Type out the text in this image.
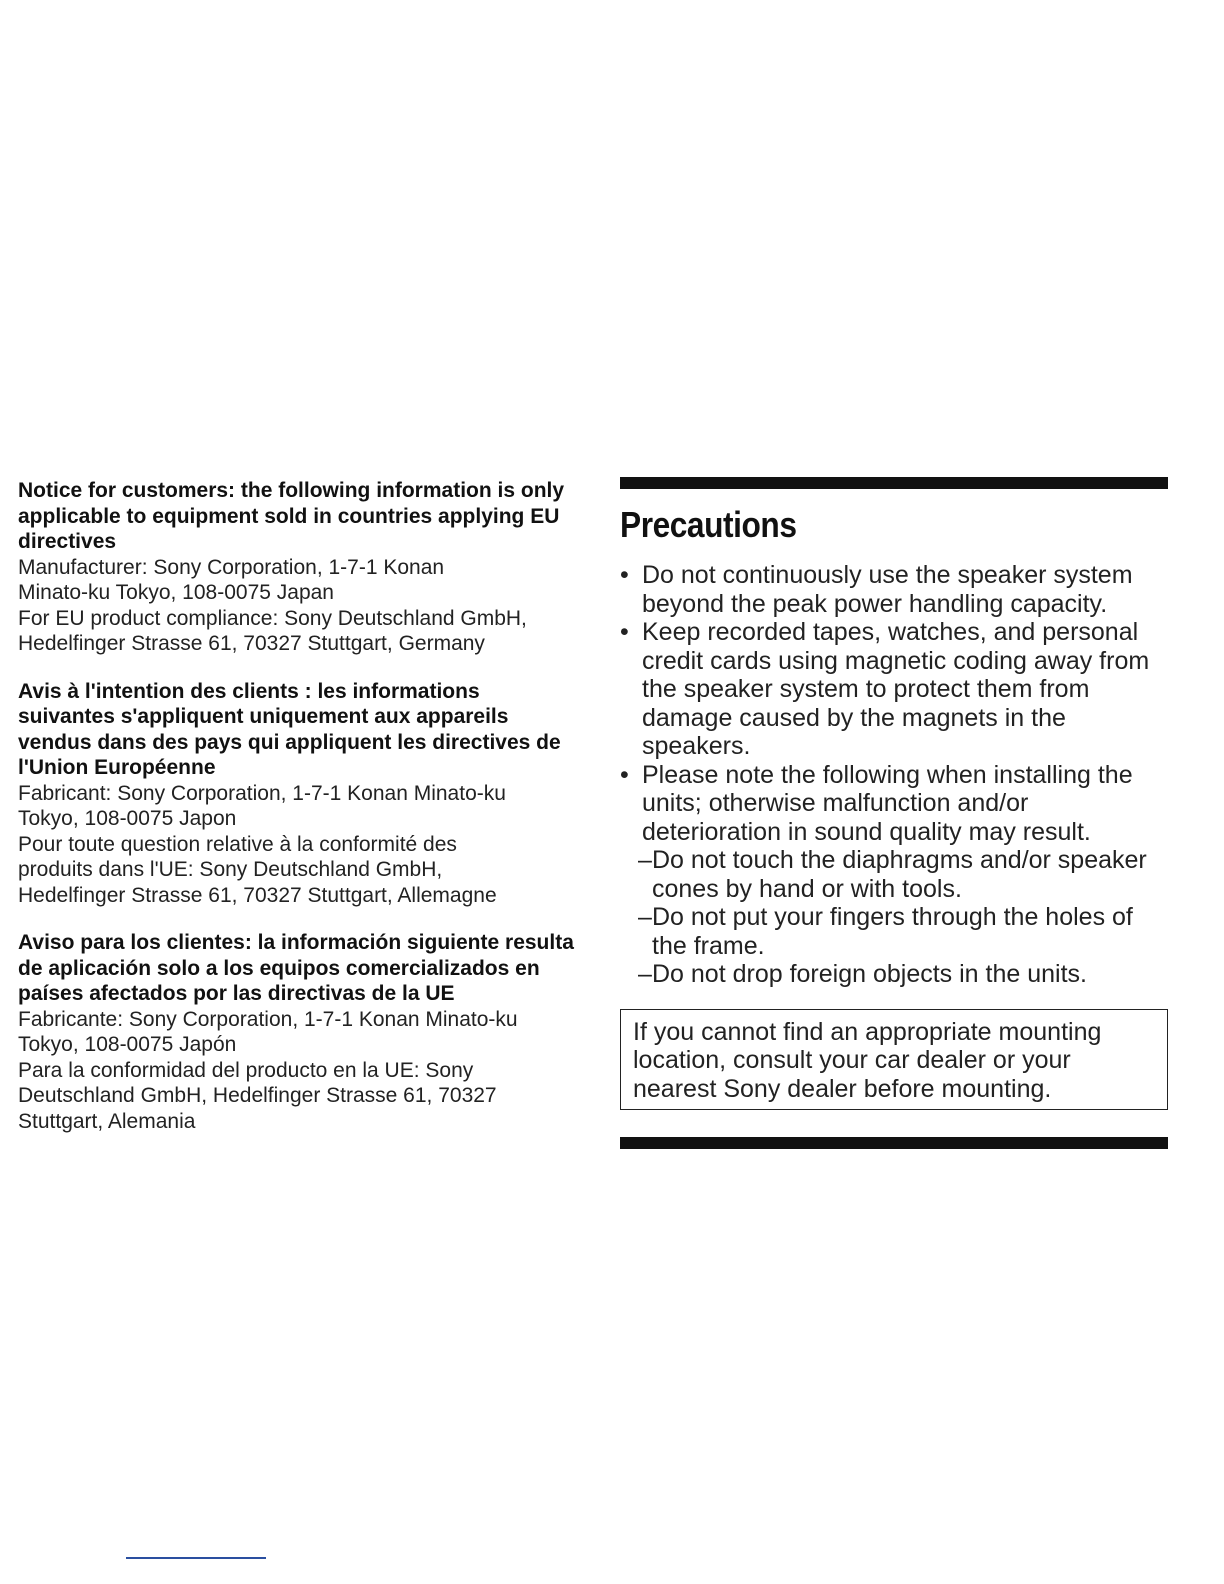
Notice for customers: the following information is only applicable to equipment sold in countries applying EU directives

Manufacturer: Sony Corporation, 1-7-1 Konan

Minato-ku Tokyo, 108-0075 Japan

For EU product compliance: Sony Deutschland GmbH,

Hedelfinger Strasse 61, 70327 Stuttgart, Germany

Avis à l'intention des clients : les informations suivantes s'appliquent uniquement aux appareils vendus dans des pays qui appliquent les directives de l'Union Européenne

Fabricant: Sony Corporation, 1-7-1 Konan Minato-ku

Tokyo, 108-0075 Japon

Pour toute question relative à la conformité des

produits dans l'UE: Sony Deutschland GmbH,

Hedelfinger Strasse 61, 70327 Stuttgart, Allemagne

Aviso para los clientes: la información siguiente resulta de aplicación solo a los equipos comercializados en países afectados por las directivas de la UE

Fabricante: Sony Corporation, 1-7-1 Konan Minato-ku

Tokyo, 108-0075 Japón

Para la conformidad del producto en la UE: Sony

Deutschland GmbH, Hedelfinger Strasse 61, 70327

Stuttgart, Alemania

Precautions
• Do not continuously use the speaker system beyond the peak power handling capacity.
• Keep recorded tapes, watches, and personal credit cards using magnetic coding away from the speaker system to protect them from damage caused by the magnets in the speakers.
• Please note the following when installing the units; otherwise malfunction and/or deterioration in sound quality may result.
– Do not touch the diaphragms and/or speaker cones by hand or with tools.
– Do not put your fingers through the holes of the frame.
– Do not drop foreign objects in the units.
If you cannot find an appropriate mounting location, consult your car dealer or your nearest Sony dealer before mounting.
